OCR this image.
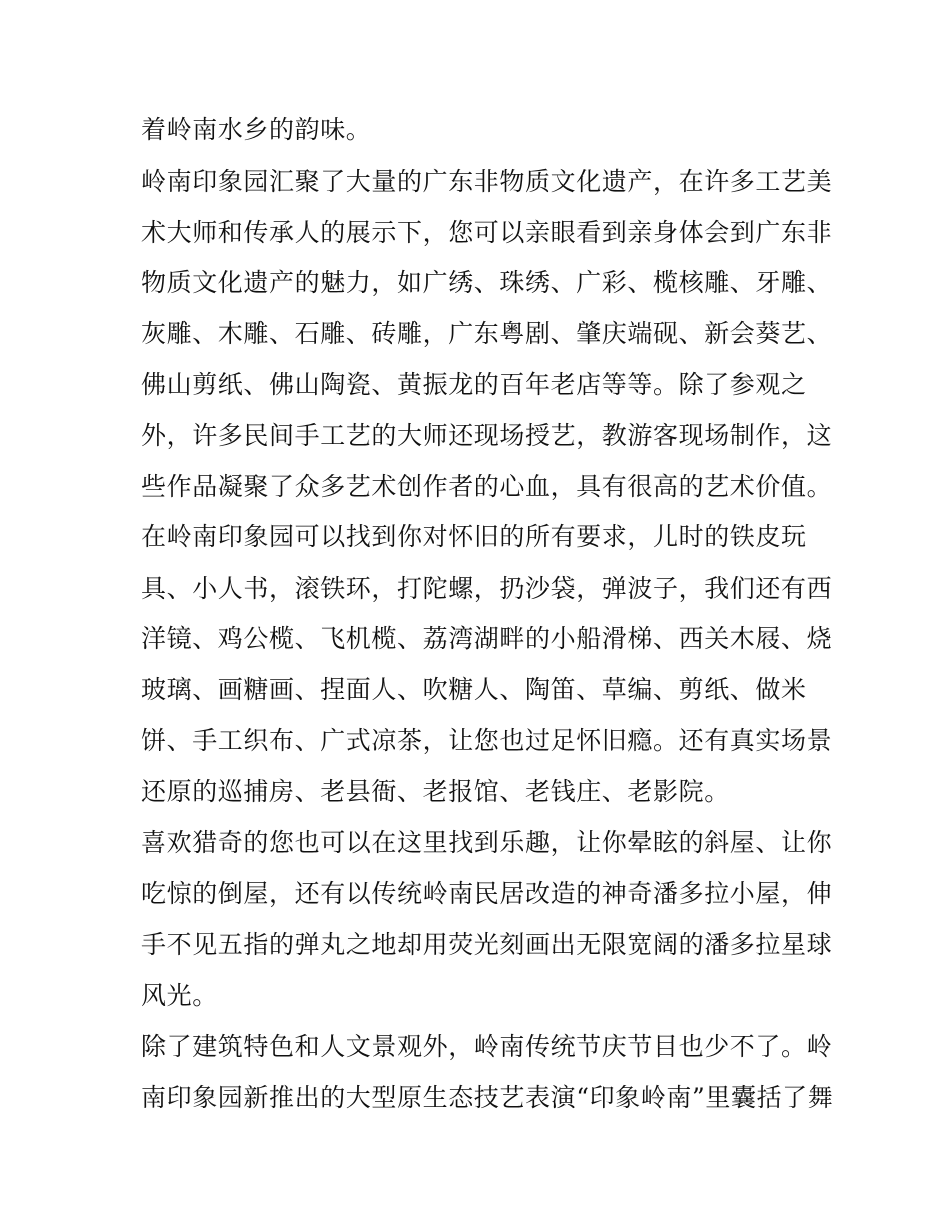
着岭南水乡的韵味。
岭南印象园汇聚了大量的广东非物质文化遗产，在许多工艺美
术大师和传承人的展示下，您可以亲眼看到亲身体会到广东非
物质文化遗产的魅力，如广绣、珠绣、广彩、榄核雕、牙雕、
灰雕、木雕、石雕、砖雕，广东粤剧、肇庆端砚、新会葵艺、
佛山剪纸、佛山陶瓷、黄振龙的百年老店等等。除了参观之
外，许多民间手工艺的大师还现场授艺，教游客现场制作，这
些作品凝聚了众多艺术创作者的心血，具有很高的艺术价值。
在岭南印象园可以找到你对怀旧的所有要求，儿时的铁皮玩
具、小人书，滚铁环，打陀螺，扔沙袋，弹波子，我们还有西
洋镜、鸡公榄、飞机榄、荔湾湖畔的小船滑梯、西关木屐、烧
玻璃、画糖画、捏面人、吹糖人、陶笛、草编、剪纸、做米
饼、手工织布、广式凉茶，让您也过足怀旧瘾。还有真实场景
还原的巡捕房、老县衙、老报馆、老钱庄、老影院。
喜欢猎奇的您也可以在这里找到乐趣，让你晕眩的斜屋、让你
吃惊的倒屋，还有以传统岭南民居改造的神奇潘多拉小屋，伸
手不见五指的弹丸之地却用荧光刻画出无限宽阔的潘多拉星球
风光。
除了建筑特色和人文景观外，岭南传统节庆节目也少不了。岭
南印象园新推出的大型原生态技艺表演“印象岭南”里囊括了舞
